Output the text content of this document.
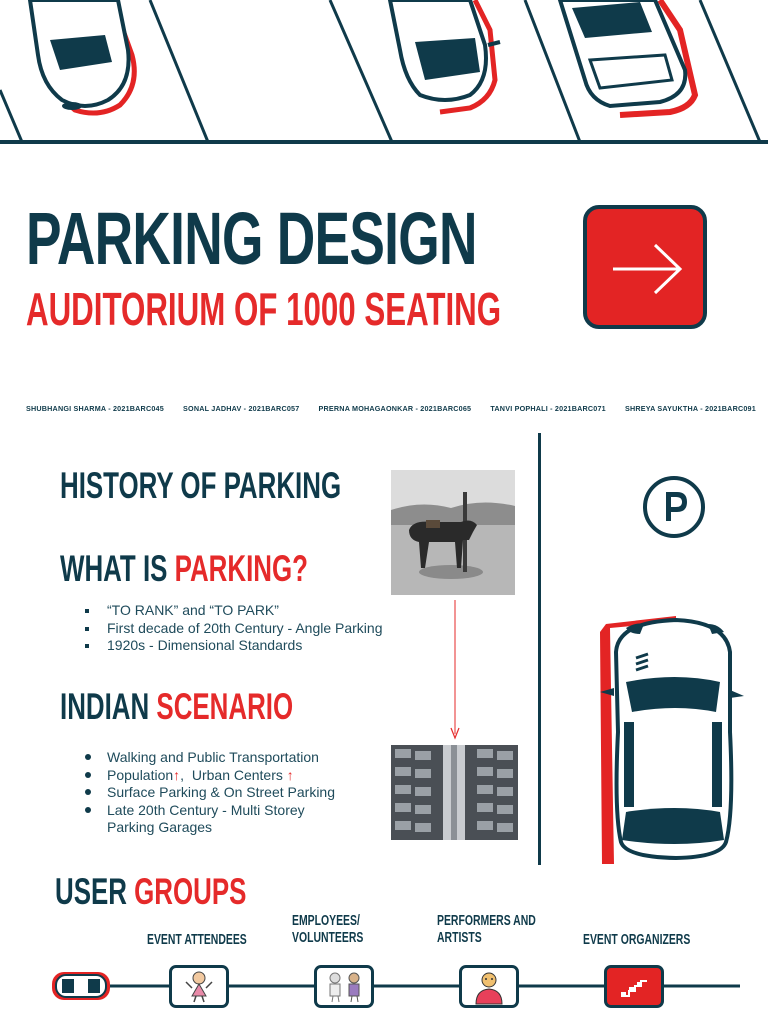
PARKING DESIGN
AUDITORIUM OF 1000 SEATING
SHUBHANGI SHARMA - 2021BARC045	SONAL JADHAV - 2021BARC057	PRERNA MOHAGAONKAR - 2021BARC065	TANVI POPHALI - 2021BARC071	SHREYA SAYUKTHA - 2021BARC091
HISTORY OF PARKING
WHAT IS PARKING?
“TO RANK” and “TO PARK”
First decade of 20th Century - Angle Parking
1920s - Dimensional Standards
INDIAN SCENARIO
Walking and Public Transportation
Population↑,  Urban Centers ↑
Surface Parking & On Street Parking
Late 20th Century - Multi Storey
Parking Garages
USER GROUPS
EVENT ATTENDEES
EMPLOYEES/
VOLUNTEERS
PERFORMERS AND
ARTISTS	EVENT ORGANIZERS
